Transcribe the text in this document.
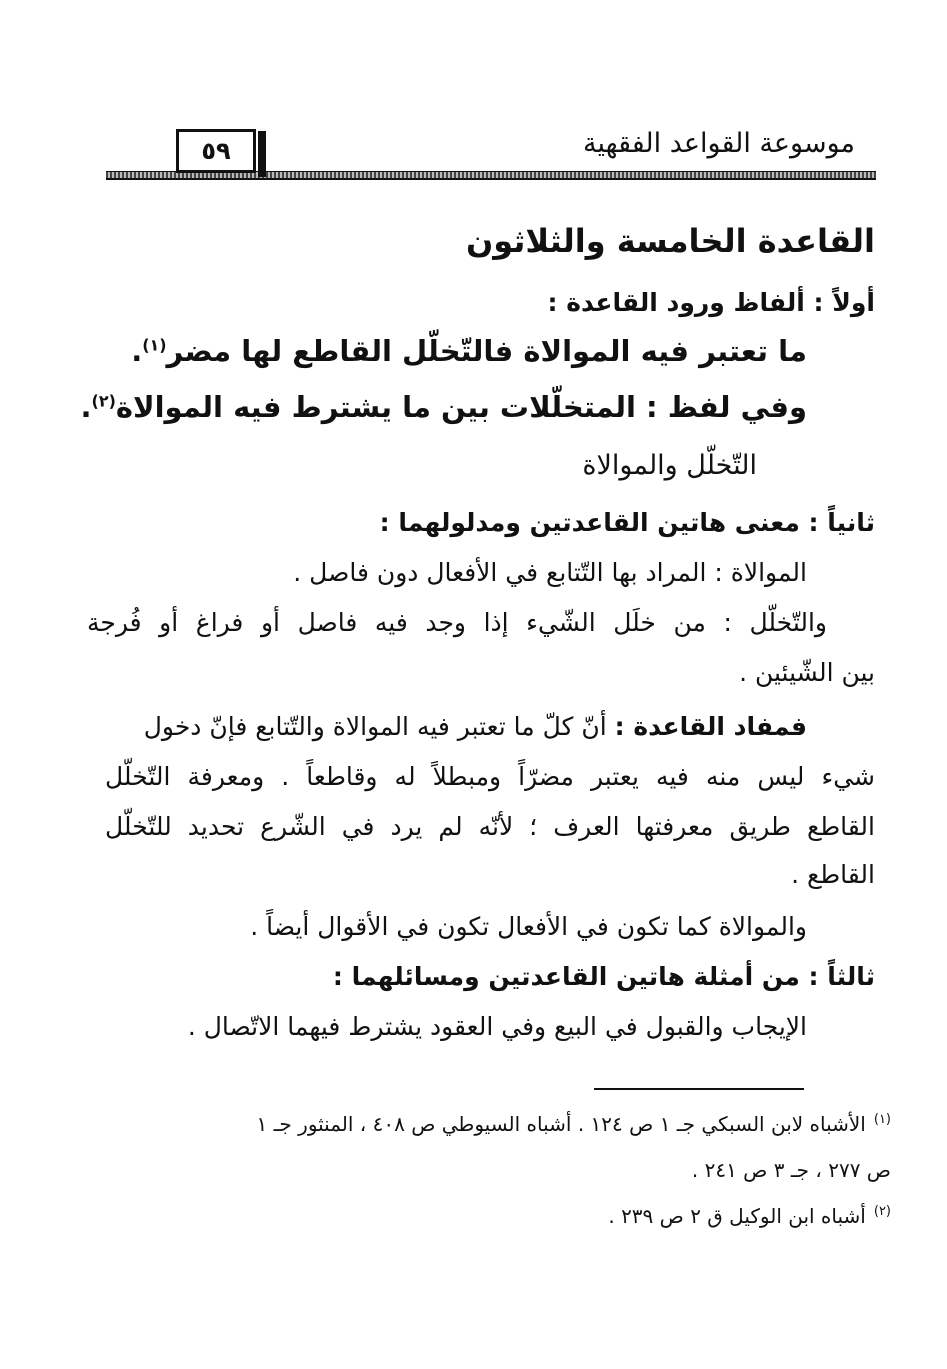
موسوعة القواعد الفقهية
٥٩
القاعدة الخامسة والثلاثون
أولاً : ألفاظ ورود القاعدة :
ما تعتبر فيه الموالاة فالتّخلّل القاطع لها مضر$^{(١)}$.
وفي لفظ : المتخلّلات بين ما يشترط فيه الموالاة$^{(٢)}$.
التّخلّل والموالاة
ثانياً : معنى هاتين القاعدتين ومدلولهما :
الموالاة : المراد بها التّتابع في الأفعال دون فاصل .
والتّخلّل : من خلَل الشّيء إذا وجد فيه فاصل أو فراغ أو فُرجة
بين الشّيئين .
فمفاد القاعدة : أنّ كلّ ما تعتبر فيه الموالاة والتّتابع فإنّ دخول
شيء ليس منه فيه يعتبر مضرّاً ومبطلاً له وقاطعاً . ومعرفة التّخلّل
القاطع طريق معرفتها العرف ؛ لأنّه لم يرد في الشّرع تحديد للتّخلّل
القاطع .
والموالاة كما تكون في الأفعال تكون في الأقوال أيضاً .
ثالثاً : من أمثلة هاتين القاعدتين ومسائلهما :
الإيجاب والقبول في البيع وفي العقود يشترط فيهما الاتّصال .
$^{(١)}$الأشباه لابن السبكي جـ ١ ص ١٢٤ . أشباه السيوطي ص ٤٠٨ ، المنثور جـ ١
ص ٢٧٧ ، جـ ٣ ص ٢٤١ .
$^{(٢)}$أشباه ابن الوكيل ق ٢ ص ٢٣٩ .
